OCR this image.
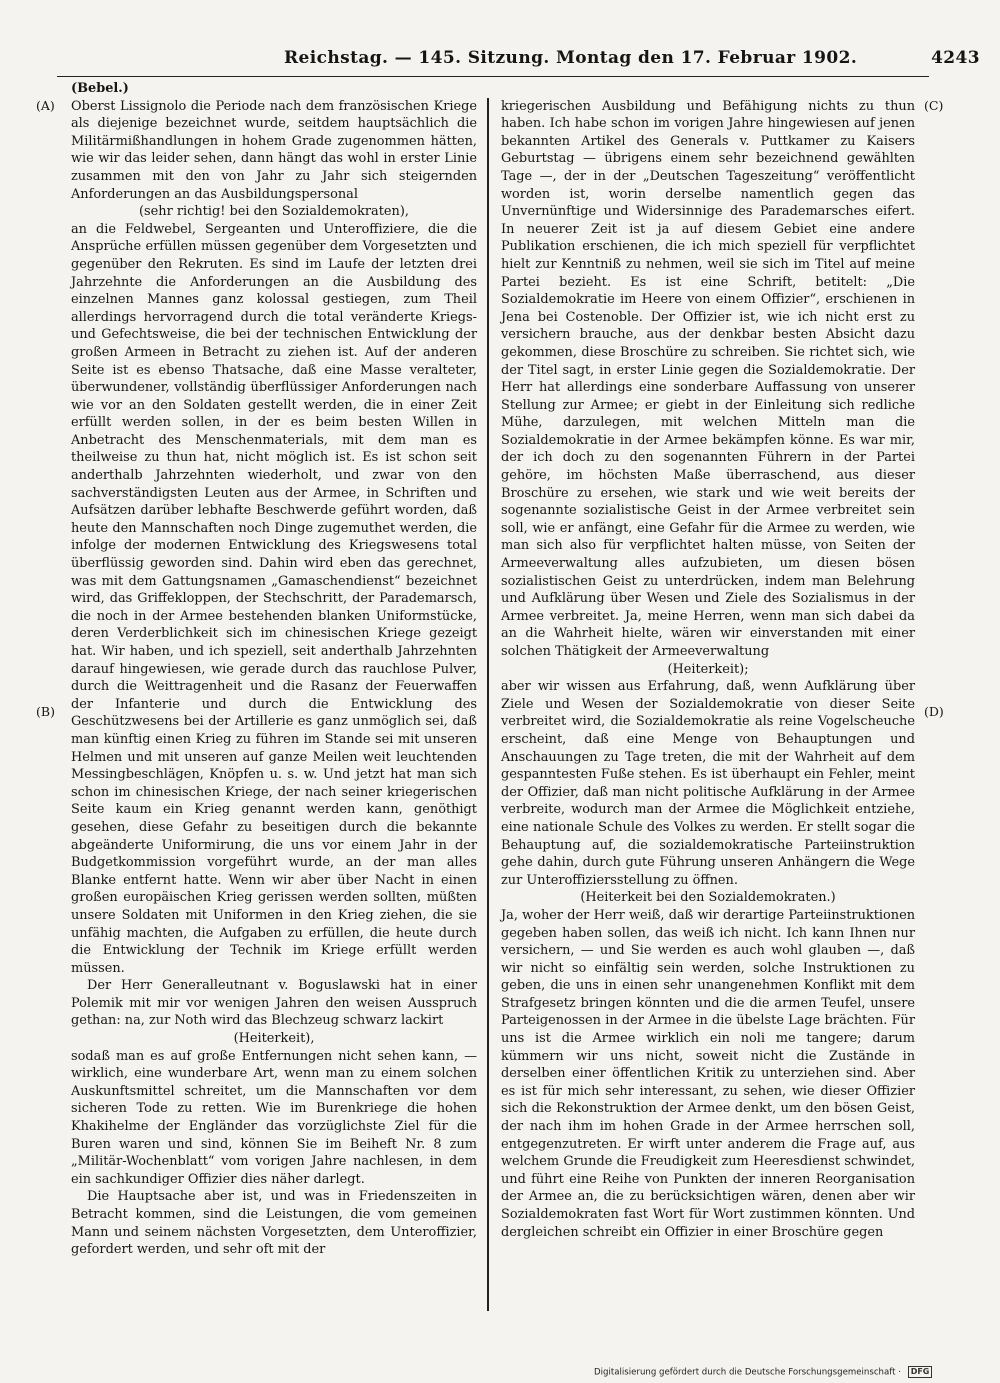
Reichstag. — 145. Sitzung. Montag den 17. Februar 1902.	4243
(A)
(B)
(C)
(D)

(Bebel.)

Oberst Lissignolo die Periode nach dem französischen Kriege als diejenige bezeichnet wurde, seitdem hauptsächlich die Militärmißhandlungen in hohem Grade zugenommen hätten, wie wir das leider sehen, dann hängt das wohl in erster Linie zusammen mit den von Jahr zu Jahr sich steigernden Anforderungen an das Ausbildungspersonal

(sehr richtig! bei den Sozialdemokraten),

an die Feldwebel, Sergeanten und Unteroffiziere, die die Ansprüche erfüllen müssen gegenüber dem Vorgesetzten und gegenüber den Rekruten. Es sind im Laufe der letzten drei Jahrzehnte die Anforderungen an die Ausbildung des einzelnen Mannes ganz kolossal gestiegen, zum Theil allerdings hervorragend durch die total veränderte Kriegs- und Gefechtsweise, die bei der technischen Entwicklung der großen Armeen in Betracht zu ziehen ist. Auf der anderen Seite ist es ebenso Thatsache, daß eine Masse veralteter, überwundener, vollständig überflüssiger Anforderungen nach wie vor an den Soldaten gestellt werden, die in einer Zeit erfüllt werden sollen, in der es beim besten Willen in Anbetracht des Menschenmaterials, mit dem man es theilweise zu thun hat, nicht möglich ist. Es ist schon seit anderthalb Jahrzehnten wiederholt, und zwar von den sachverständigsten Leuten aus der Armee, in Schriften und Aufsätzen darüber lebhafte Beschwerde geführt worden, daß heute den Mannschaften noch Dinge zugemuthet werden, die infolge der modernen Entwicklung des Kriegswesens total überflüssig geworden sind. Dahin wird eben das gerechnet, was mit dem Gattungsnamen „Gamaschendienst“ bezeichnet wird, das Griffekloppen, der Stechschritt, der Parademarsch, die noch in der Armee bestehenden blanken Uniformstücke, deren Verderblichkeit sich im chinesischen Kriege gezeigt hat. Wir haben, und ich speziell, seit anderthalb Jahrzehnten darauf hingewiesen, wie gerade durch das rauchlose Pulver, durch die Weittragenheit und die Rasanz der Feuerwaffen der Infanterie und durch die Entwicklung des Geschützwesens bei der Artillerie es ganz unmöglich sei, daß man künftig einen Krieg zu führen im Stande sei mit unseren Helmen und mit unseren auf ganze Meilen weit leuchtenden Messingbeschlägen, Knöpfen u. s. w. Und jetzt hat man sich schon im chinesischen Kriege, der nach seiner kriegerischen Seite kaum ein Krieg genannt werden kann, genöthigt gesehen, diese Gefahr zu beseitigen durch die bekannte abgeänderte Uniformirung, die uns vor einem Jahr in der Budgetkommission vorgeführt wurde, an der man alles Blanke entfernt hatte. Wenn wir aber über Nacht in einen großen europäischen Krieg gerissen werden sollten, müßten unsere Soldaten mit Uniformen in den Krieg ziehen, die sie unfähig machten, die Aufgaben zu erfüllen, die heute durch die Entwicklung der Technik im Kriege erfüllt werden müssen.

Der Herr Generalleutnant v. Boguslawski hat in einer Polemik mit mir vor wenigen Jahren den weisen Ausspruch gethan: na, zur Noth wird das Blechzeug schwarz lackirt

(Heiterkeit),

sodaß man es auf große Entfernungen nicht sehen kann, — wirklich, eine wunderbare Art, wenn man zu einem solchen Auskunftsmittel schreitet, um die Mannschaften vor dem sicheren Tode zu retten. Wie im Burenkriege die hohen Khakihelme der Engländer das vorzüglichste Ziel für die Buren waren und sind, können Sie im Beiheft Nr. 8 zum „Militär-Wochenblatt“ vom vorigen Jahre nachlesen, in dem ein sachkundiger Offizier dies näher darlegt.

Die Hauptsache aber ist, und was in Friedenszeiten in Betracht kommen, sind die Leistungen, die vom gemeinen Mann und seinem nächsten Vorgesetzten, dem Unteroffizier, gefordert werden, und sehr oft mit der

kriegerischen Ausbildung und Befähigung nichts zu thun haben. Ich habe schon im vorigen Jahre hingewiesen auf jenen bekannten Artikel des Generals v. Puttkamer zu Kaisers Geburtstag — übrigens einem sehr bezeichnend gewählten Tage —, der in der „Deutschen Tageszeitung“ veröffentlicht worden ist, worin derselbe namentlich gegen das Unvernünftige und Widersinnige des Parademarsches eifert. In neuerer Zeit ist ja auf diesem Gebiet eine andere Publikation erschienen, die ich mich speziell für verpflichtet hielt zur Kenntniß zu nehmen, weil sie sich im Titel auf meine Partei bezieht. Es ist eine Schrift, betitelt: „Die Sozialdemokratie im Heere von einem Offizier“, erschienen in Jena bei Costenoble. Der Offizier ist, wie ich nicht erst zu versichern brauche, aus der denkbar besten Absicht dazu gekommen, diese Broschüre zu schreiben. Sie richtet sich, wie der Titel sagt, in erster Linie gegen die Sozialdemokratie. Der Herr hat allerdings eine sonderbare Auffassung von unserer Stellung zur Armee; er giebt in der Einleitung sich redliche Mühe, darzulegen, mit welchen Mitteln man die Sozialdemokratie in der Armee bekämpfen könne. Es war mir, der ich doch zu den sogenannten Führern in der Partei gehöre, im höchsten Maße überraschend, aus dieser Broschüre zu ersehen, wie stark und wie weit bereits der sogenannte sozialistische Geist in der Armee verbreitet sein soll, wie er anfängt, eine Gefahr für die Armee zu werden, wie man sich also für verpflichtet halten müsse, von Seiten der Armeeverwaltung alles aufzubieten, um diesen bösen sozialistischen Geist zu unterdrücken, indem man Belehrung und Aufklärung über Wesen und Ziele des Sozialismus in der Armee verbreitet. Ja, meine Herren, wenn man sich dabei da an die Wahrheit hielte, wären wir einverstanden mit einer solchen Thätigkeit der Armeeverwaltung

(Heiterkeit);

aber wir wissen aus Erfahrung, daß, wenn Aufklärung über Ziele und Wesen der Sozialdemokratie von dieser Seite verbreitet wird, die Sozialdemokratie als reine Vogelscheuche erscheint, daß eine Menge von Behauptungen und Anschauungen zu Tage treten, die mit der Wahrheit auf dem gespanntesten Fuße stehen. Es ist überhaupt ein Fehler, meint der Offizier, daß man nicht politische Aufklärung in der Armee verbreite, wodurch man der Armee die Möglichkeit entziehe, eine nationale Schule des Volkes zu werden. Er stellt sogar die Behauptung auf, die sozialdemokratische Parteiinstruktion gehe dahin, durch gute Führung unseren Anhängern die Wege zur Unteroffiziersstellung zu öffnen.

(Heiterkeit bei den Sozialdemokraten.)

Ja, woher der Herr weiß, daß wir derartige Parteiinstruktionen gegeben haben sollen, das weiß ich nicht. Ich kann Ihnen nur versichern, — und Sie werden es auch wohl glauben —, daß wir nicht so einfältig sein werden, solche Instruktionen zu geben, die uns in einen sehr unangenehmen Konflikt mit dem Strafgesetz bringen könnten und die die armen Teufel, unsere Parteigenossen in der Armee in die übelste Lage brächten. Für uns ist die Armee wirklich ein noli me tangere; darum kümmern wir uns nicht, soweit nicht die Zustände in derselben einer öffentlichen Kritik zu unterziehen sind. Aber es ist für mich sehr interessant, zu sehen, wie dieser Offizier sich die Rekonstruktion der Armee denkt, um den bösen Geist, der nach ihm im hohen Grade in der Armee herrschen soll, entgegenzutreten. Er wirft unter anderem die Frage auf, aus welchem Grunde die Freudigkeit zum Heeresdienst schwindet, und führt eine Reihe von Punkten der inneren Reorganisation der Armee an, die zu berücksichtigen wären, denen aber wir Sozialdemokraten fast Wort für Wort zustimmen könnten. Und dergleichen schreibt ein Offizier in einer Broschüre gegen

Digitalisierung gefördert durch die Deutsche Forschungsgemeinschaft · DFG
